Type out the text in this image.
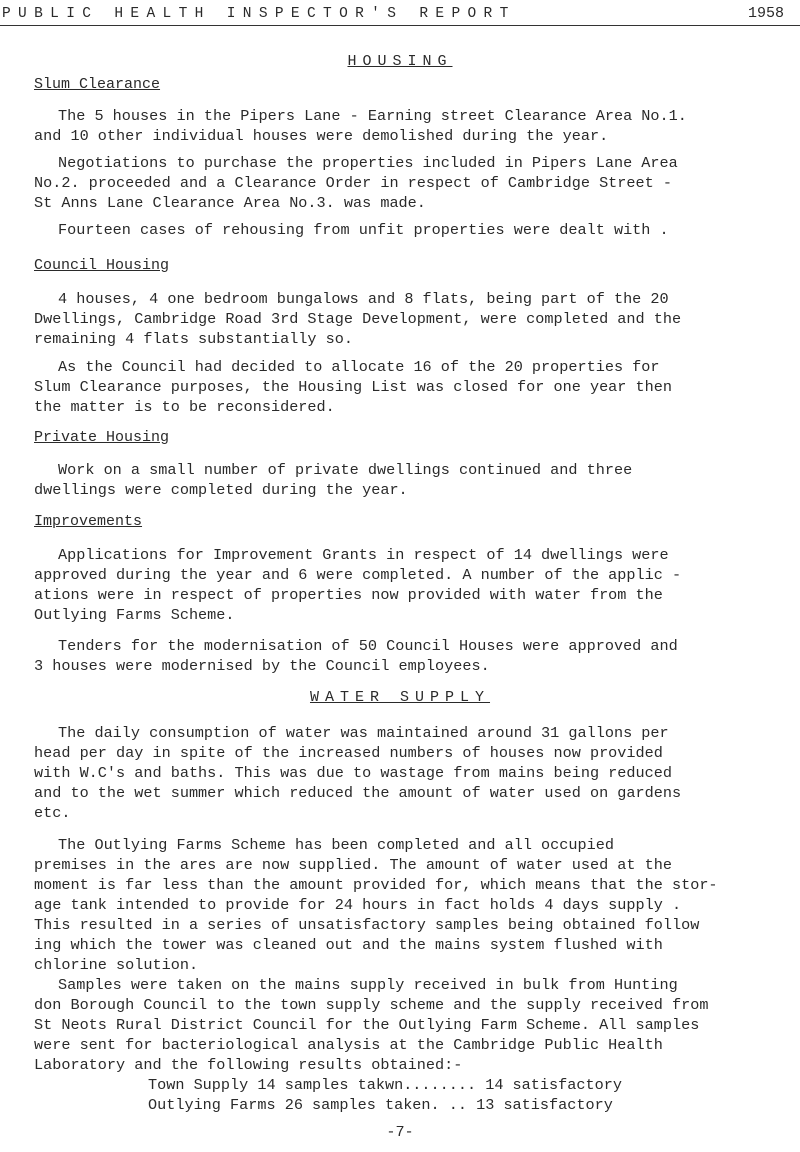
PUBLIC HEALTH INSPECTOR'S REPORT	1958
HOUSING
Slum Clearance
The 5 houses in the Pipers Lane - Earning street Clearance Area No.1.
and 10 other individual houses were demolished during the year.
Negotiations to purchase the properties included in Pipers Lane Area
No.2. proceeded and a Clearance Order in respect of Cambridge Street -
St Anns Lane Clearance Area No.3. was made.
Fourteen cases of rehousing from unfit properties were dealt with .
Council Housing
4 houses, 4 one bedroom bungalows and 8 flats, being part of the 20
Dwellings, Cambridge Road 3rd Stage Development, were completed and the
remaining 4 flats substantially so.
As the Council had decided to allocate 16 of the 20 properties for
Slum Clearance purposes, the Housing List was closed for one year then
the matter is to be reconsidered.
Private Housing
Work on a small number of private dwellings continued and three
dwellings were completed during the year.
Improvements
Applications for Improvement Grants in respect of 14 dwellings were
approved during the year and 6 were completed. A number of the applic -
ations were in respect of properties now provided with water from the
Outlying Farms Scheme.
Tenders for the modernisation of 50 Council Houses were approved and
3 houses were modernised by the Council employees.
WATER SUPPLY
The daily consumption of water was maintained around 31 gallons per
head per day in spite of the increased numbers of houses now provided
with W.C's and baths. This was due to wastage from mains being reduced
and to the wet summer which reduced the amount of water used on gardens
etc.
The Outlying Farms Scheme has been completed and all occupied
premises in the ares are now supplied. The amount of water used at the
moment is far less than the amount provided for, which means that the stor-
age tank intended to provide for 24 hours in fact holds 4 days supply .
This resulted in a series of unsatisfactory samples being obtained follow
ing which the tower was cleaned out and the mains system flushed with
chlorine solution.
Samples were taken on the mains supply received in bulk from Hunting
don Borough Council to the town supply scheme and the supply received from
St Neots Rural District Council for the Outlying Farm Scheme. All samples
were sent for bacteriological analysis at the Cambridge Public Health
Laboratory and the following results obtained:-
Town Supply 14 samples takwn........ 14 satisfactory
Outlying Farms 26 samples taken. .. 13 satisfactory
-7-
